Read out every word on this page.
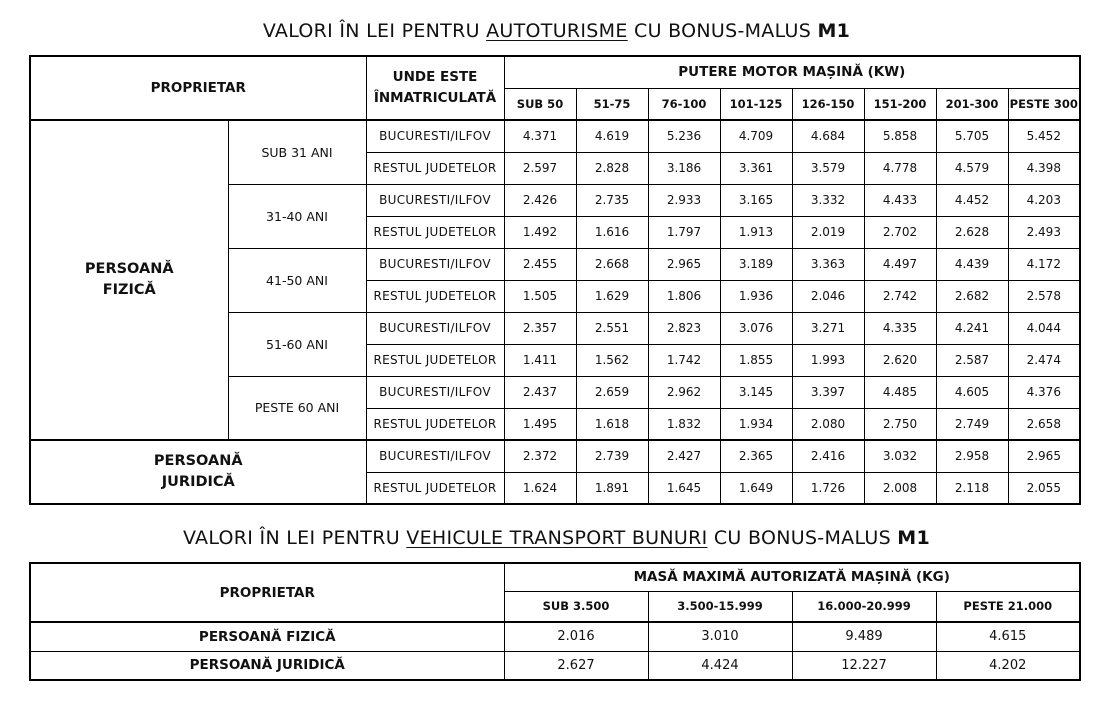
VALORI ÎN LEI PENTRU AUTOTURISME CU BONUS-MALUS M1
PROPRIETAR		UNDE ESTE
ÎNMATRICULATĂ	PUTERE MOTOR MAȘINĂ (KW)							
			SUB 50	51-75	76-100	101-125	126-150	151-200	201-300	PESTE 300
PERSOANĂ
FIZICĂ	SUB 31 ANI	BUCURESTI/ILFOV	4.371	4.619	5.236	4.709	4.684	5.858	5.705	5.452
		RESTUL JUDETELOR	2.597	2.828	3.186	3.361	3.579	4.778	4.579	4.398
	31-40 ANI	BUCURESTI/ILFOV	2.426	2.735	2.933	3.165	3.332	4.433	4.452	4.203
		RESTUL JUDETELOR	1.492	1.616	1.797	1.913	2.019	2.702	2.628	2.493
	41-50 ANI	BUCURESTI/ILFOV	2.455	2.668	2.965	3.189	3.363	4.497	4.439	4.172
		RESTUL JUDETELOR	1.505	1.629	1.806	1.936	2.046	2.742	2.682	2.578
	51-60 ANI	BUCURESTI/ILFOV	2.357	2.551	2.823	3.076	3.271	4.335	4.241	4.044
		RESTUL JUDETELOR	1.411	1.562	1.742	1.855	1.993	2.620	2.587	2.474
	PESTE 60 ANI	BUCURESTI/ILFOV	2.437	2.659	2.962	3.145	3.397	4.485	4.605	4.376
		RESTUL JUDETELOR	1.495	1.618	1.832	1.934	2.080	2.750	2.749	2.658
PERSOANĂ
JURIDICĂ		BUCURESTI/ILFOV	2.372	2.739	2.427	2.365	2.416	3.032	2.958	2.965
		RESTUL JUDETELOR	1.624	1.891	1.645	1.649	1.726	2.008	2.118	2.055
VALORI ÎN LEI PENTRU VEHICULE TRANSPORT BUNURI CU BONUS-MALUS M1
PROPRIETAR	MASĂ MAXIMĂ AUTORIZATĂ MAȘINĂ (KG)			
	SUB 3.500	3.500-15.999	16.000-20.999	PESTE 21.000
PERSOANĂ FIZICĂ	2.016	3.010	9.489	4.615
PERSOANĂ JURIDICĂ	2.627	4.424	12.227	4.202
